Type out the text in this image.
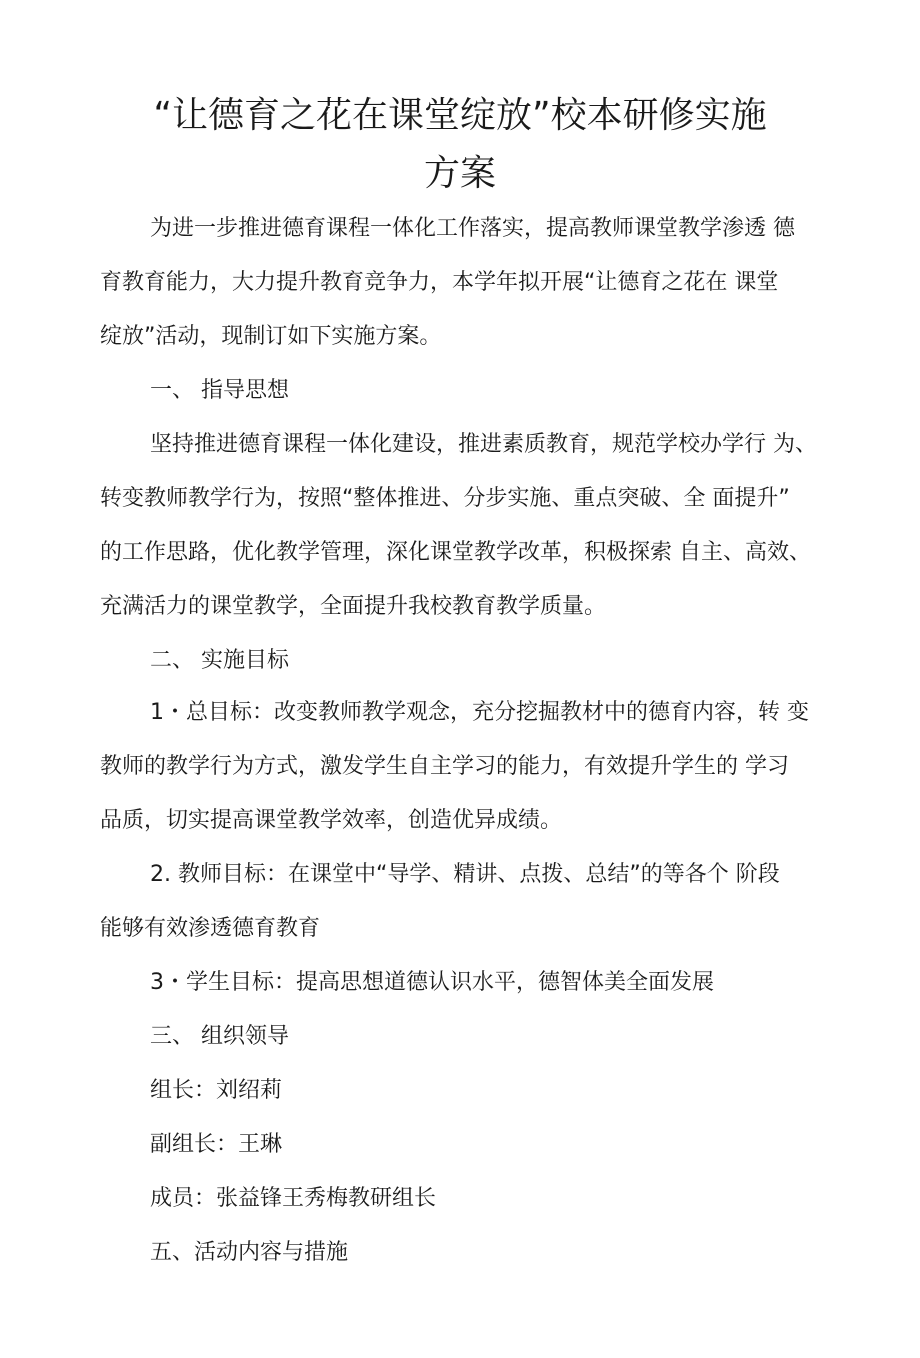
“让德育之花在课堂绽放”校本研修实施
方案
为进一步推进德育课程一体化工作落实，提高教师课堂教学渗透 德
育教育能力，大力提升教育竞争力，本学年拟开展“让德育之花在 课堂
绽放”活动，现制订如下实施方案。
一、 指导思想
坚持推进德育课程一体化建设，推进素质教育，规范学校办学行 为、
转变教师教学行为，按照“整体推进、分步实施、重点突破、全 面提升”
的工作思路，优化教学管理，深化课堂教学改革，积极探索 自主、高效、
充满活力的课堂教学，全面提升我校教育教学质量。
二、 实施目标
1・总目标：改变教师教学观念，充分挖掘教材中的德育内容，转 变
教师的教学行为方式，激发学生自主学习的能力，有效提升学生的 学习
品质，切实提高课堂教学效率，创造优异成绩。
2. 教师目标：在课堂中“导学、精讲、点拨、总结”的等各个 阶段
能够有效渗透德育教育
3・学生目标：提高思想道德认识水平，德智体美全面发展
三、 组织领导
组长：刘绍莉
副组长：王琳
成员：张益锋王秀梅教研组长
五、活动内容与措施
